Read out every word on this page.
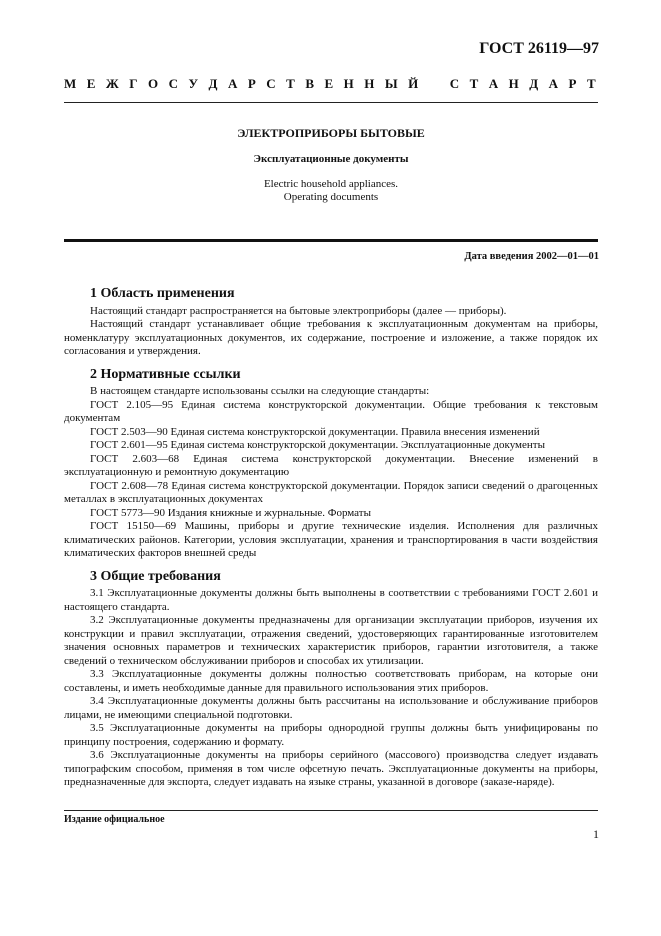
ГОСТ 26119—97
М Е Ж Г О С У Д А Р С Т В Е Н Н Ы Й С Т А Н Д А Р Т
ЭЛЕКТРОПРИБОРЫ БЫТОВЫЕ
Эксплуатационные документы
Electric household appliances.
Operating documents
Дата введения 2002—01—01
1 Область применения

Настоящий стандарт распространяется на бытовые электроприборы (далее — приборы).

Настоящий стандарт устанавливает общие требования к эксплуатационным документам на приборы, номенклатуру эксплуатационных документов, их содержание, построение и изложение, а также порядок их согласования и утверждения.

2 Нормативные ссылки

В настоящем стандарте использованы ссылки на следующие стандарты:

ГОСТ 2.105—95 Единая система конструкторской документации. Общие требования к текстовым документам

ГОСТ 2.503—90 Единая система конструкторской документации. Правила внесения изменений

ГОСТ 2.601—95 Единая система конструкторской документации. Эксплуатационные документы

ГОСТ 2.603—68 Единая система конструкторской документации. Внесение изменений в эксплуатационную и ремонтную документацию

ГОСТ 2.608—78 Единая система конструкторской документации. Порядок записи сведений о драгоценных металлах в эксплуатационных документах

ГОСТ 5773—90 Издания книжные и журнальные. Форматы

ГОСТ 15150—69 Машины, приборы и другие технические изделия. Исполнения для различных климатических районов. Категории, условия эксплуатации, хранения и транспортирования в части воздействия климатических факторов внешней среды

3 Общие требования

3.1 Эксплуатационные документы должны быть выполнены в соответствии с требованиями ГОСТ 2.601 и настоящего стандарта.

3.2 Эксплуатационные документы предназначены для организации эксплуатации приборов, изучения их конструкции и правил эксплуатации, отражения сведений, удостоверяющих гарантированные изготовителем значения основных параметров и технических характеристик приборов, гарантии изготовителя, а также сведений о техническом обслуживании приборов и способах их утилизации.

3.3 Эксплуатационные документы должны полностью соответствовать приборам, на которые они составлены, и иметь необходимые данные для правильного использования этих приборов.

3.4 Эксплуатационные документы должны быть рассчитаны на использование и обслуживание приборов лицами, не имеющими специальной подготовки.

3.5 Эксплуатационные документы на приборы однородной группы должны быть унифицированы по принципу построения, содержанию и формату.

3.6 Эксплуатационные документы на приборы серийного (массового) производства следует издавать типографским способом, применяя в том числе офсетную печать. Эксплуатационные документы на приборы, предназначенные для экспорта, следует издавать на языке страны, указанной в договоре (заказе-наряде).

Издание официальное
1
